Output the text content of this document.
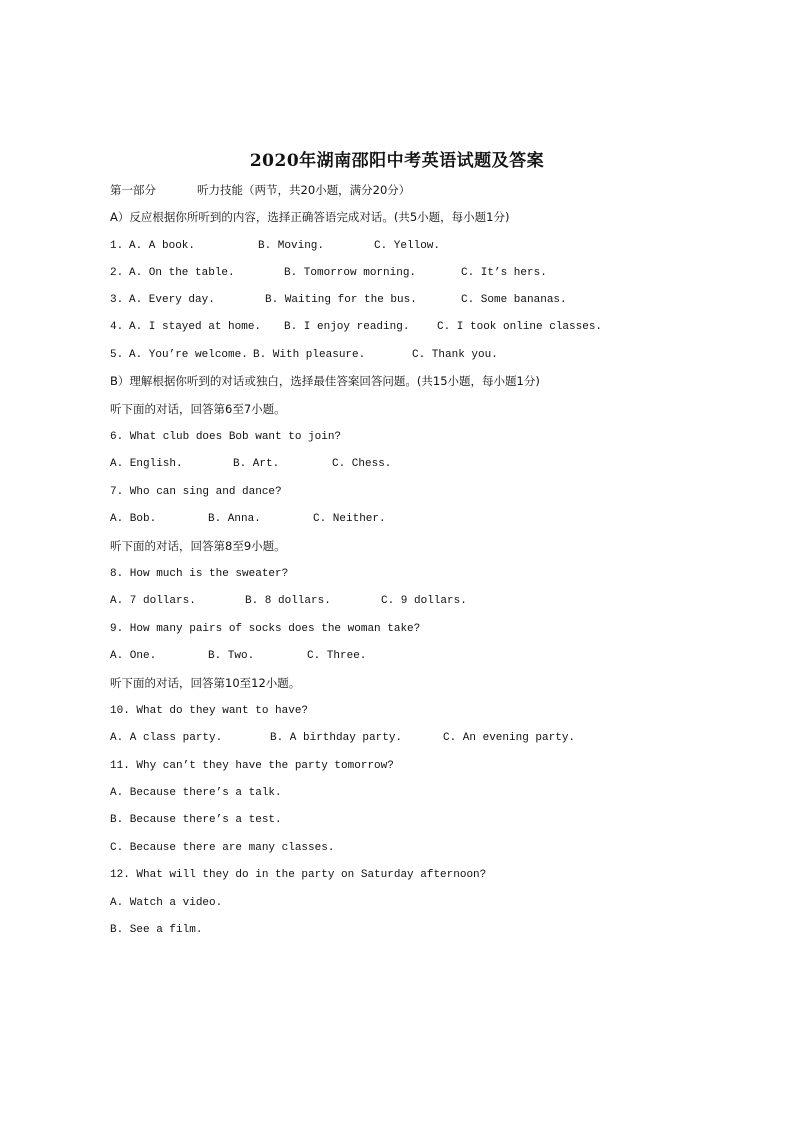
2020年湖南邵阳中考英语试题及答案
第一部分	听力技能（两节，共20小题，满分20分）
A）反应根据你所听到的内容，选择正确答语完成对话。(共5小题，每小题1分)
1. A. A book.	B. Moving.	C. Yellow.
2. A. On the table.	B. Tomorrow morning.	C. It’s hers.
3. A. Every day.	B. Waiting for the bus.	C. Some bananas.
4. A. I stayed at home. B. I enjoy reading.	C. I took online classes.
5. A. You’re welcome. B. With pleasure.	C. Thank you.
B）理解根据你听到的对话或独白，选择最佳答案回答问题。(共15小题，每小题1分)
听下面的对话，回答第6至7小题。
6. What club does Bob want to join?
A. English.	B. Art.	C. Chess.
7. Who can sing and dance?
A. Bob.	B. Anna.	C. Neither.
听下面的对话，回答第8至9小题。
8. How much is the sweater?
A. 7 dollars.	B. 8 dollars.	C. 9 dollars.
9. How many pairs of socks does the woman take?
A. One.	B. Two.	C. Three.
听下面的对话，回答第10至12小题。
10. What do they want to have?
A. A class party.	B. A birthday party.	C. An evening party.
11. Why can’t they have the party tomorrow?
A. Because there’s a talk.
B. Because there’s a test.
C. Because there are many classes.
12. What will they do in the party on Saturday afternoon?
A. Watch a video.
B. See a film.
